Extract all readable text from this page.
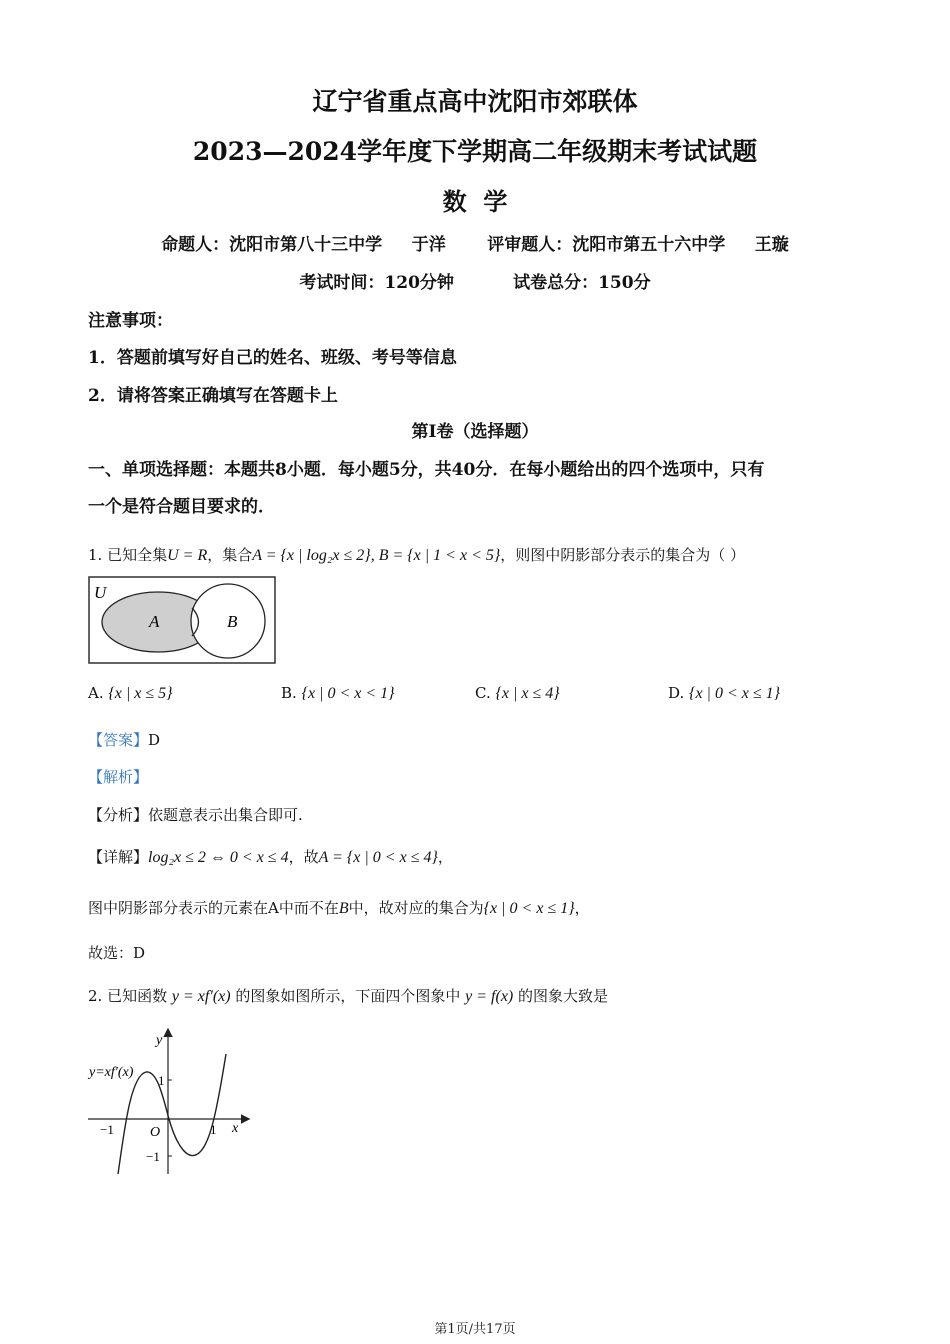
辽宁省重点高中沈阳市郊联体
2023—2024学年度下学期高二年级期末考试试题
数  学
命题人：沈阳市第八十三中学     于洋       评审题人：沈阳市第五十六中学     王璇
考试时间：120分钟          试卷总分：150分
注意事项：
1．答题前填写好自己的姓名、班级、考号等信息
2．请将答案正确填写在答题卡上
第Ⅰ卷（选择题）
一、单项选择题：本题共8小题．每小题5分，共40分．在每小题给出的四个选项中，只有
一个是符合题目要求的．
1. 已知全集U = R，集合A = {x | log₂x ≤ 2}, B = {x | 1 < x < 5}，则图中阴影部分表示的集合为（ ）
U
A	B
A. {x | x ≤ 5}	B. {x | 0 < x < 1}	C. {x | x ≤ 4}	D. {x | 0 < x ≤ 1}
【答案】D
【解析】
【分析】依题意表示出集合即可.
【详解】log₂x ≤ 2 ⇔ 0 < x ≤ 4，故A = {x | 0 < x ≤ 4}，
图中阴影部分表示的元素在A中而不在B中，故对应的集合为{x | 0 < x ≤ 1}，
故选：D
2. 已知函数 y = xf′(x) 的图象如图所示，下面四个图象中 y = f(x) 的图象大致是
y=xf′(x)
y
x
O
1
−1
−1	1
第1页/共17页
